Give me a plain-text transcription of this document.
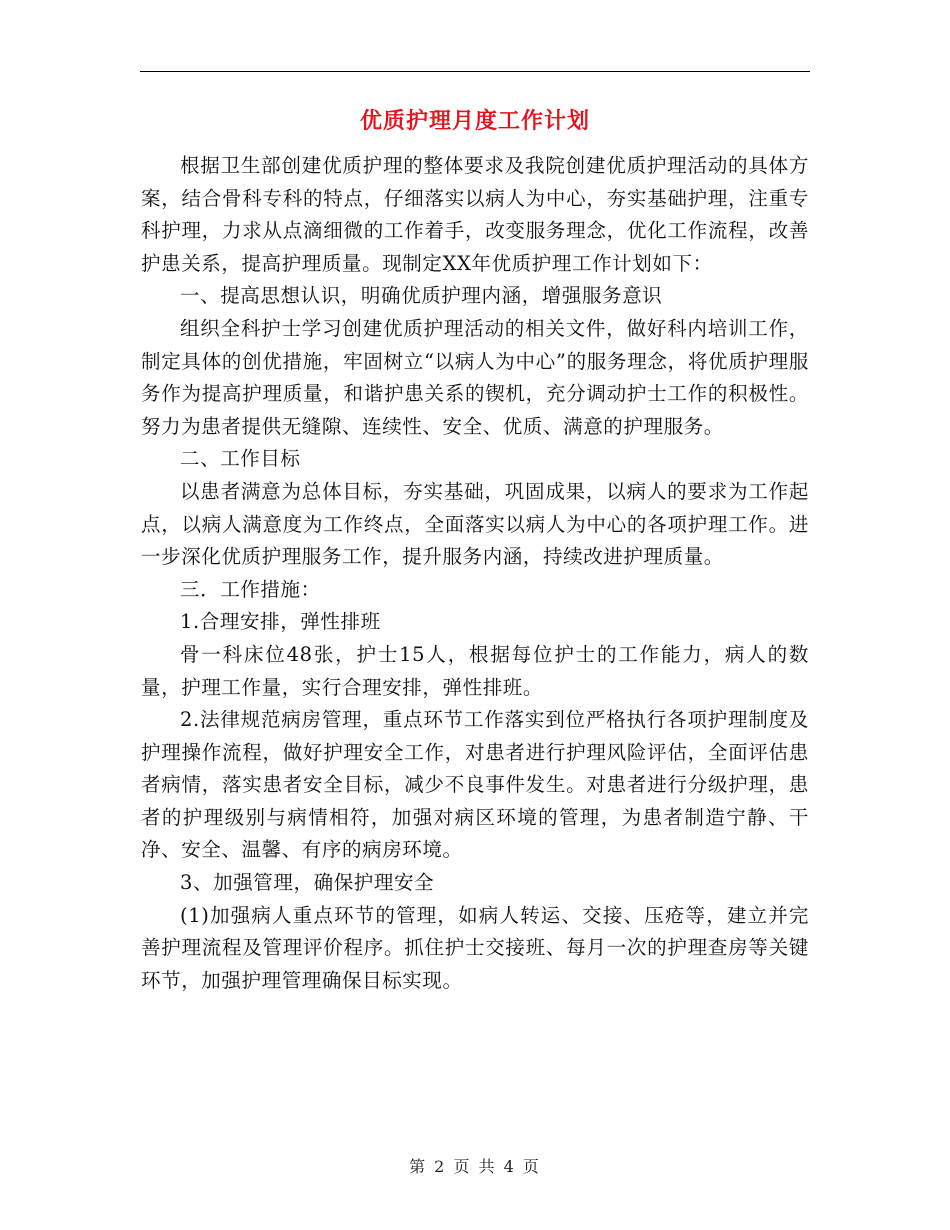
优质护理月度工作计划

根据卫生部创建优质护理的整体要求及我院创建优质护理活动的具体方案，结合骨科专科的特点，仔细落实以病人为中心，夯实基础护理，注重专科护理，力求从点滴细微的工作着手，改变服务理念，优化工作流程，改善护患关系，提高护理质量。现制定XX年优质护理工作计划如下：

一、提高思想认识，明确优质护理内涵，增强服务意识

组织全科护士学习创建优质护理活动的相关文件，做好科内培训工作，制定具体的创优措施，牢固树立“以病人为中心”的服务理念，将优质护理服务作为提高护理质量，和谐护患关系的锲机，充分调动护士工作的积极性。 努力为患者提供无缝隙、连续性、安全、优质、满意的护理服务。

二、工作目标

以患者满意为总体目标，夯实基础，巩固成果，以病人的要求为工作起点，以病人满意度为工作终点，全面落实以病人为中心的各项护理工作。进一步深化优质护理服务工作，提升服务内涵，持续改进护理质量。

三．工作措施：

1.合理安排，弹性排班

骨一科床位48张，护士15人，根据每位护士的工作能力，病人的数量，护理工作量，实行合理安排，弹性排班。

2.法律规范病房管理，重点环节工作落实到位严格执行各项护理制度及护理操作流程，做好护理安全工作，对患者进行护理风险评估，全面评估患者病情，落实患者安全目标，减少不良事件发生。对患者进行分级护理，患者的护理级别与病情相符，加强对病区环境的管理，为患者制造宁静、干净、安全、温馨、有序的病房环境。

3、加强管理，确保护理安全

(1)加强病人重点环节的管理，如病人转运、交接、压疮等，建立并完善护理流程及管理评价程序。抓住护士交接班、每月一次的护理查房等关键环节，加强护理管理确保目标实现。

第 2 页 共 4 页
